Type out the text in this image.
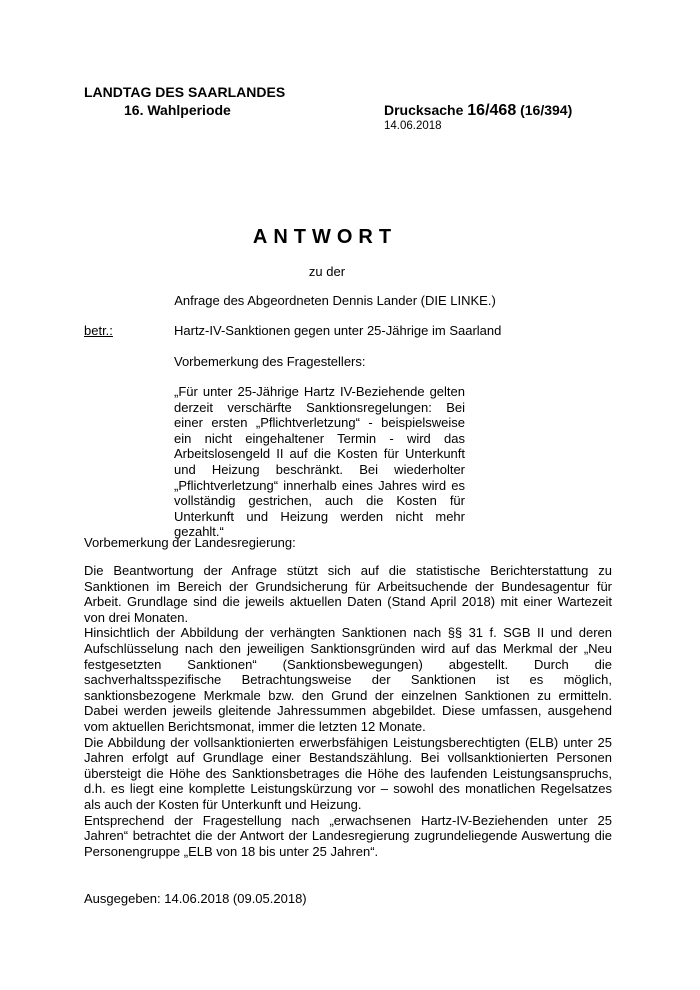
LANDTAG DES SAARLANDES
16. Wahlperiode	Drucksache 16/468 (16/394)
14.06.2018
ANTWORT
zu der
Anfrage des Abgeordneten Dennis Lander (DIE LINKE.)
betr.:	Hartz-IV-Sanktionen gegen unter 25-Jährige im Saarland
Vorbemerkung des Fragestellers:
„Für unter 25-Jährige Hartz IV-Beziehende gelten derzeit verschärfte Sanktionsregelungen: Bei einer ersten „Pflichtverletzung“ - beispielsweise ein nicht eingehaltener Termin - wird das Arbeitslosengeld II auf die Kosten für Unterkunft und Heizung beschränkt. Bei wiederholter „Pflichtverletzung“ innerhalb eines Jahres wird es vollständig gestrichen, auch die Kosten für Unterkunft und Heizung werden nicht mehr gezahlt.“
Vorbemerkung der Landesregierung:

Die Beantwortung der Anfrage stützt sich auf die statistische Berichterstattung zu Sanktionen im Bereich der Grundsicherung für Arbeitsuchende der Bundesagentur für Arbeit. Grundlage sind die jeweils aktuellen Daten (Stand April 2018) mit einer Wartezeit von drei Monaten.

Hinsichtlich der Abbildung der verhängten Sanktionen nach §§ 31 f. SGB II und deren Aufschlüsselung nach den jeweiligen Sanktionsgründen wird auf das Merkmal der „Neu festgesetzten Sanktionen“ (Sanktionsbewegungen) abgestellt. Durch die sachverhaltsspezifische Betrachtungsweise der Sanktionen ist es möglich, sanktionsbezogene Merkmale bzw. den Grund der einzelnen Sanktionen zu ermitteln. Dabei werden jeweils gleitende Jahressummen abgebildet. Diese umfassen, ausgehend vom aktuellen Berichtsmonat, immer die letzten 12 Monate.

Die Abbildung der vollsanktionierten erwerbsfähigen Leistungsberechtigten (ELB) unter 25 Jahren erfolgt auf Grundlage einer Bestandszählung. Bei vollsanktionierten Personen übersteigt die Höhe des Sanktionsbetrages die Höhe des laufenden Leistungsanspruchs, d.h. es liegt eine komplette Leistungskürzung vor – sowohl des monatlichen Regelsatzes als auch der Kosten für Unterkunft und Heizung.

Entsprechend der Fragestellung nach „erwachsenen Hartz-IV-Beziehenden unter 25 Jahren“ betrachtet die der Antwort der Landesregierung zugrundeliegende Auswertung die Personengruppe „ELB von 18 bis unter 25 Jahren“.

Ausgegeben: 14.06.2018 (09.05.2018)
